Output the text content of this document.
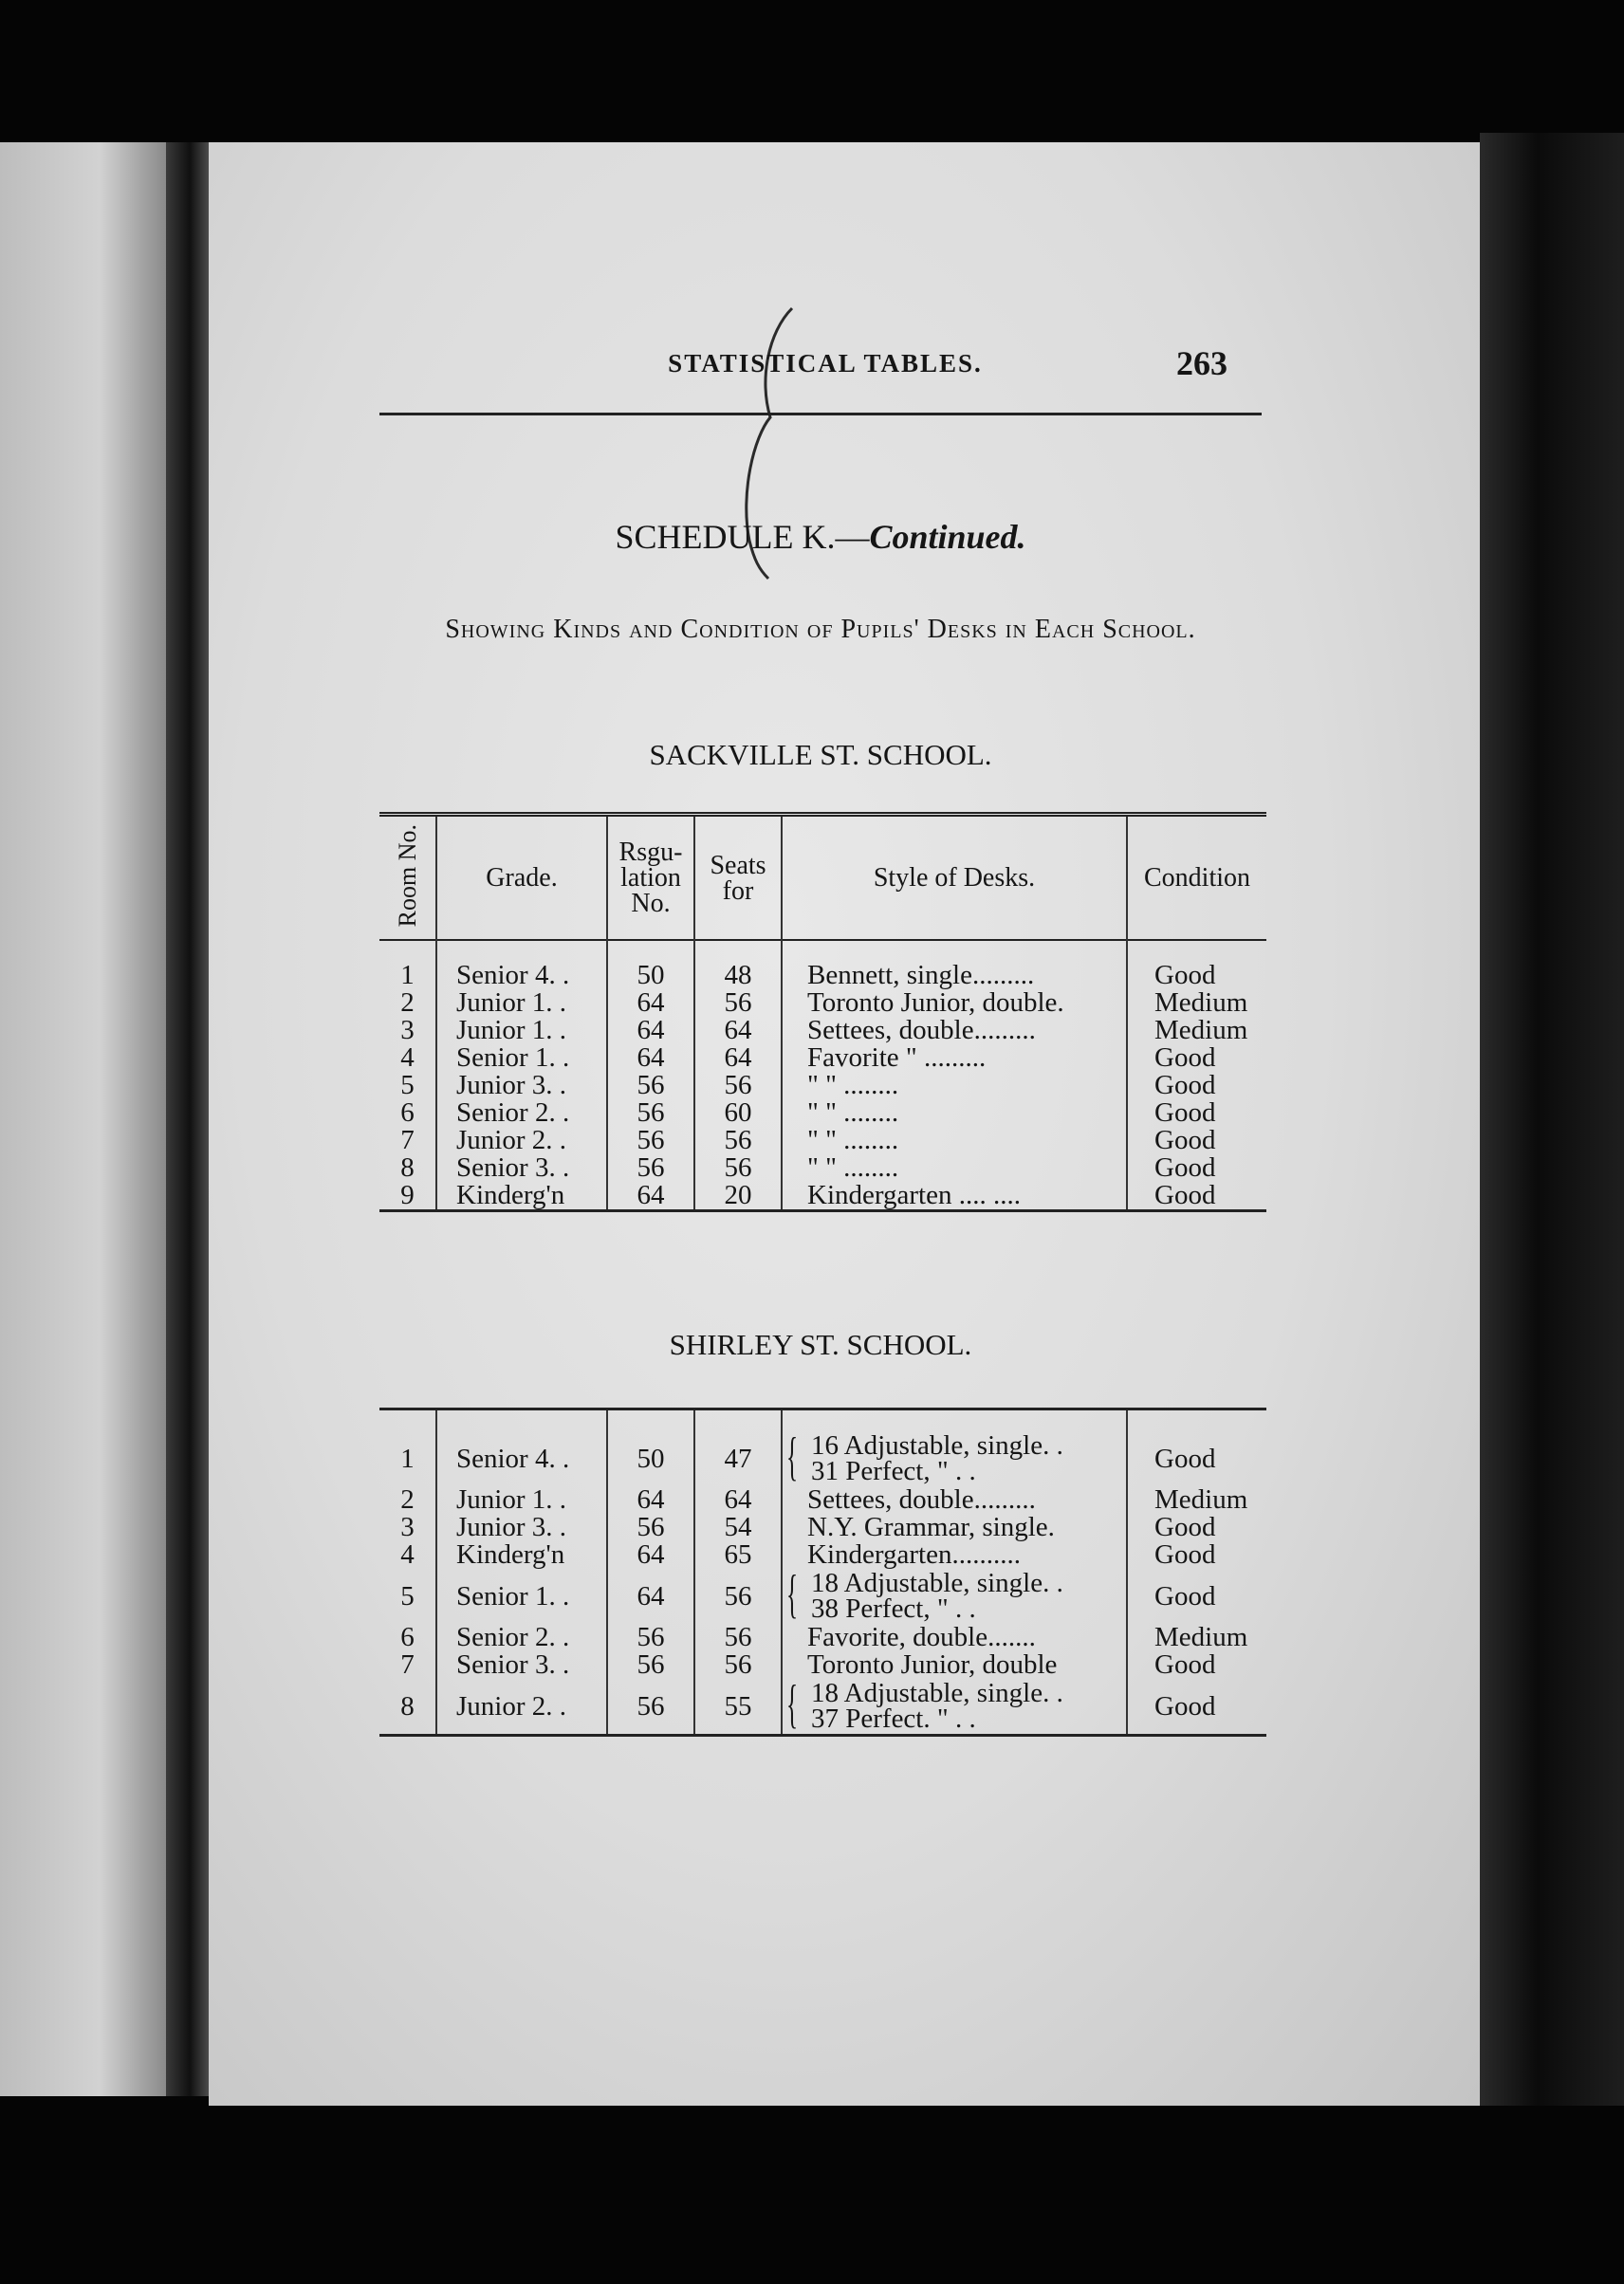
STATISTICAL TABLES.	263
SCHEDULE K.—Continued.
Showing Kinds and Condition of Pupils' Desks in Each School.
SACKVILLE ST. SCHOOL.
Room No.	Grade.	Rsgu- lation No.	Seats for	Style of Desks.	Condition

1	Senior 4. .	50	48	Bennett, single.........	Good
2	Junior 1. .	64	56	Toronto Junior, double.	Medium
3	Junior 1. .	64	64	Settees, double.........	Medium
4	Senior 1. .	64	64	Favorite " .........	Good
5	Junior 3. .	56	56	" " ........	Good
6	Senior 2. .	56	60	" " ........	Good
7	Junior 2. .	56	56	" " ........	Good
8	Senior 3. .	56	56	" " ........	Good
9	Kinderg'n	64	20	Kindergarten .... ....	Good
SHIRLEY ST. SCHOOL.

1	Senior 4. .	50	47	{ 16 Adjustable, single. .
31 Perfect, " . .	Good
2	Junior 1. .	64	64	Settees, double.........	Medium
3	Junior 3. .	56	54	N.Y. Grammar, single.	Good
4	Kinderg'n	64	65	Kindergarten..........	Good
5	Senior 1. .	64	56	{ 18 Adjustable, single. .
38 Perfect, " . .	Good
6	Senior 2. .	56	56	Favorite, double.......	Medium
7	Senior 3. .	56	56	Toronto Junior, double	Good
8	Junior 2. .	56	55	{ 18 Adjustable, single. .
37 Perfect. " . .	Good
